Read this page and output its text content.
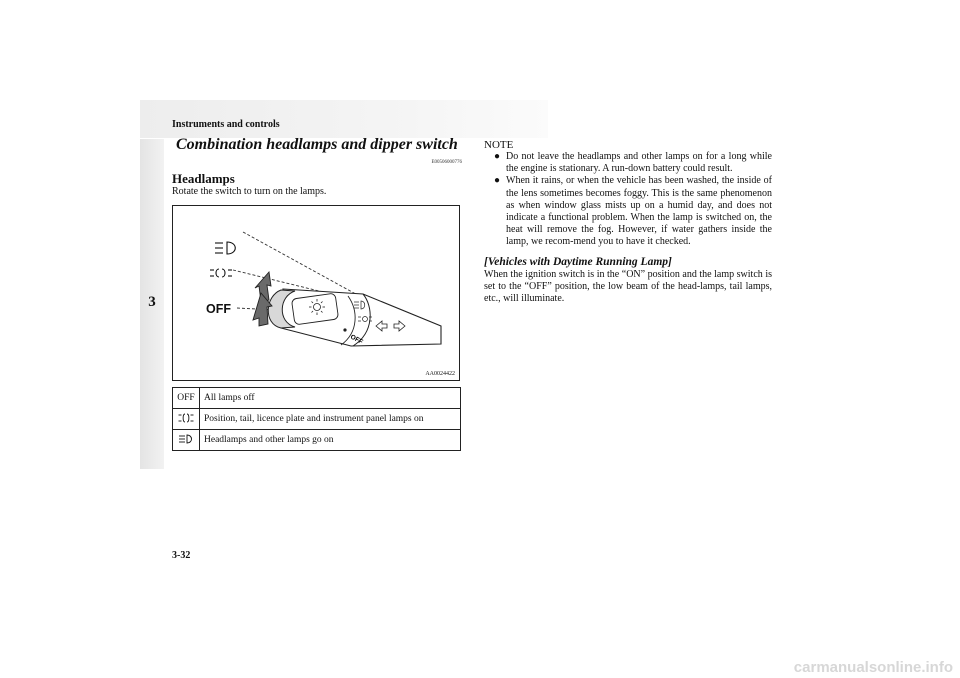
Instruments and controls
3
Combination headlamps and dipper switch
E00506000776
Headlamps
Rotate the switch to turn on the lamps.
OFF
OFF
AA0024422
OFF	All lamps off
	Position, tail, licence plate and instrument panel lamps on
	Headlamps and other lamps go on

NOTE

● Do not leave the headlamps and other lamps on for a long while the engine is stationary. A run-down battery could result.
● When it rains, or when the vehicle has been washed, the inside of the lens sometimes becomes foggy. This is the same phenomenon as when window glass mists up on a humid day, and does not indicate a functional problem. When the lamp is switched on, the heat will remove the fog. However, if water gathers inside the lamp, we recom-mend you to have it checked.
[Vehicles with Daytime Running Lamp]

When the ignition switch is in the “ON” position and the lamp switch is set to the “OFF” position, the low beam of the head-lamps, tail lamps, etc., will illuminate.

3-32
carmanualsonline.info
